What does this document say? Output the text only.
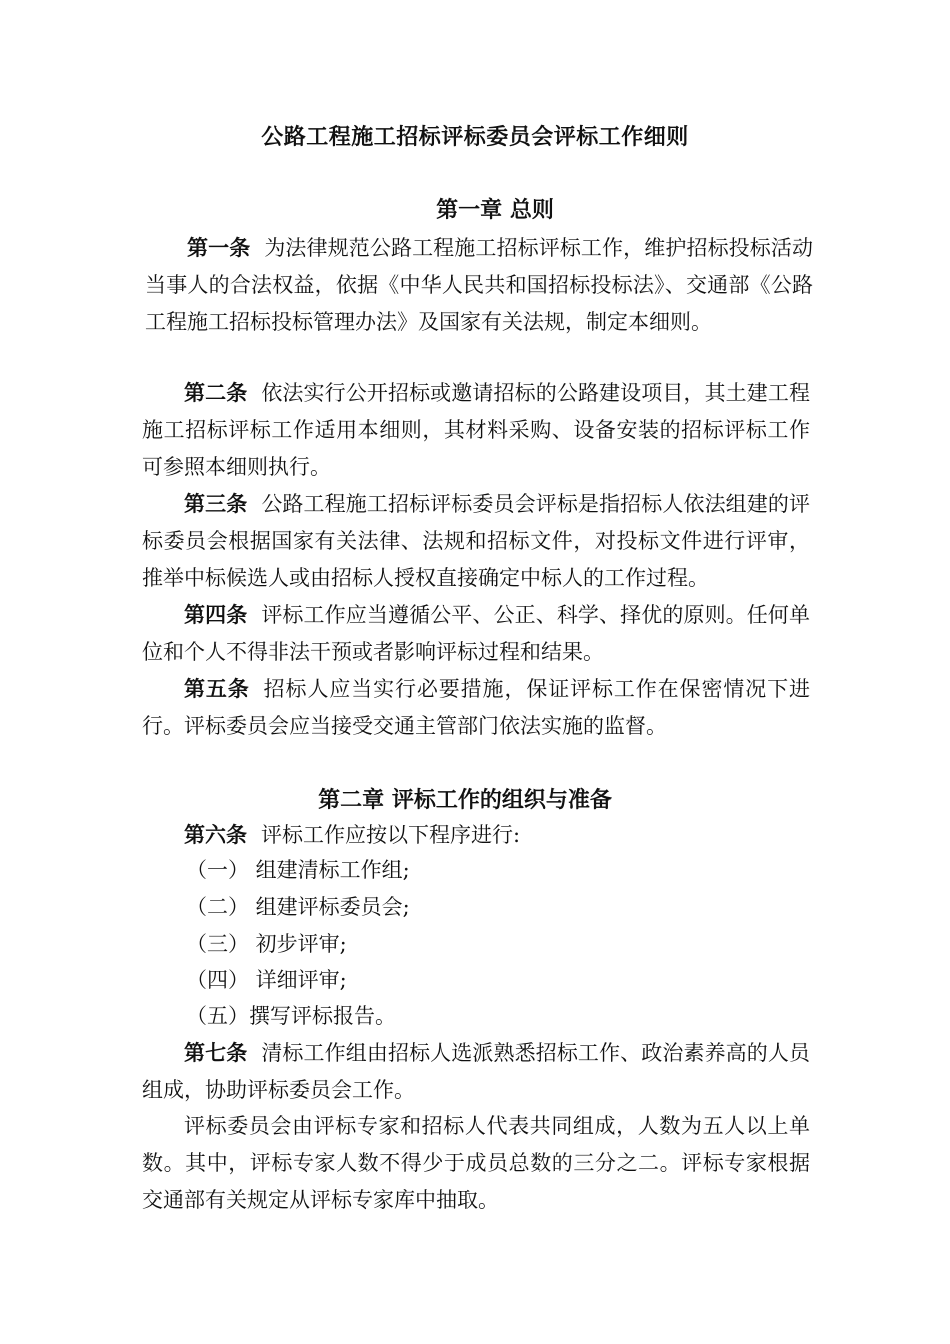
公路工程施工招标评标委员会评标工作细则
第一章 总则
第一条 为法律规范公路工程施工招标评标工作，维护招标投标活动当事人的合法权益，依据《中华人民共和国招标投标法》、交通部《公路工程施工招标投标管理办法》及国家有关法规，制定本细则。
第二条 依法实行公开招标或邀请招标的公路建设项目，其土建工程施工招标评标工作适用本细则，其材料采购、设备安装的招标评标工作可参照本细则执行。
第三条 公路工程施工招标评标委员会评标是指招标人依法组建的评标委员会根据国家有关法律、法规和招标文件，对投标文件进行评审，推举中标候选人或由招标人授权直接确定中标人的工作过程。
第四条 评标工作应当遵循公平、公正、科学、择优的原则。任何单位和个人不得非法干预或者影响评标过程和结果。
第五条 招标人应当实行必要措施，保证评标工作在保密情况下进行。评标委员会应当接受交通主管部门依法实施的监督。
第二章 评标工作的组织与准备
第六条 评标工作应按以下程序进行:
（一） 组建清标工作组;
（二） 组建评标委员会;
（三） 初步评审;
（四） 详细评审;
（五）撰写评标报告。
第七条 清标工作组由招标人选派熟悉招标工作、政治素养高的人员组成，协助评标委员会工作。
评标委员会由评标专家和招标人代表共同组成，人数为五人以上单数。其中，评标专家人数不得少于成员总数的三分之二。评标专家根据交通部有关规定从评标专家库中抽取。
